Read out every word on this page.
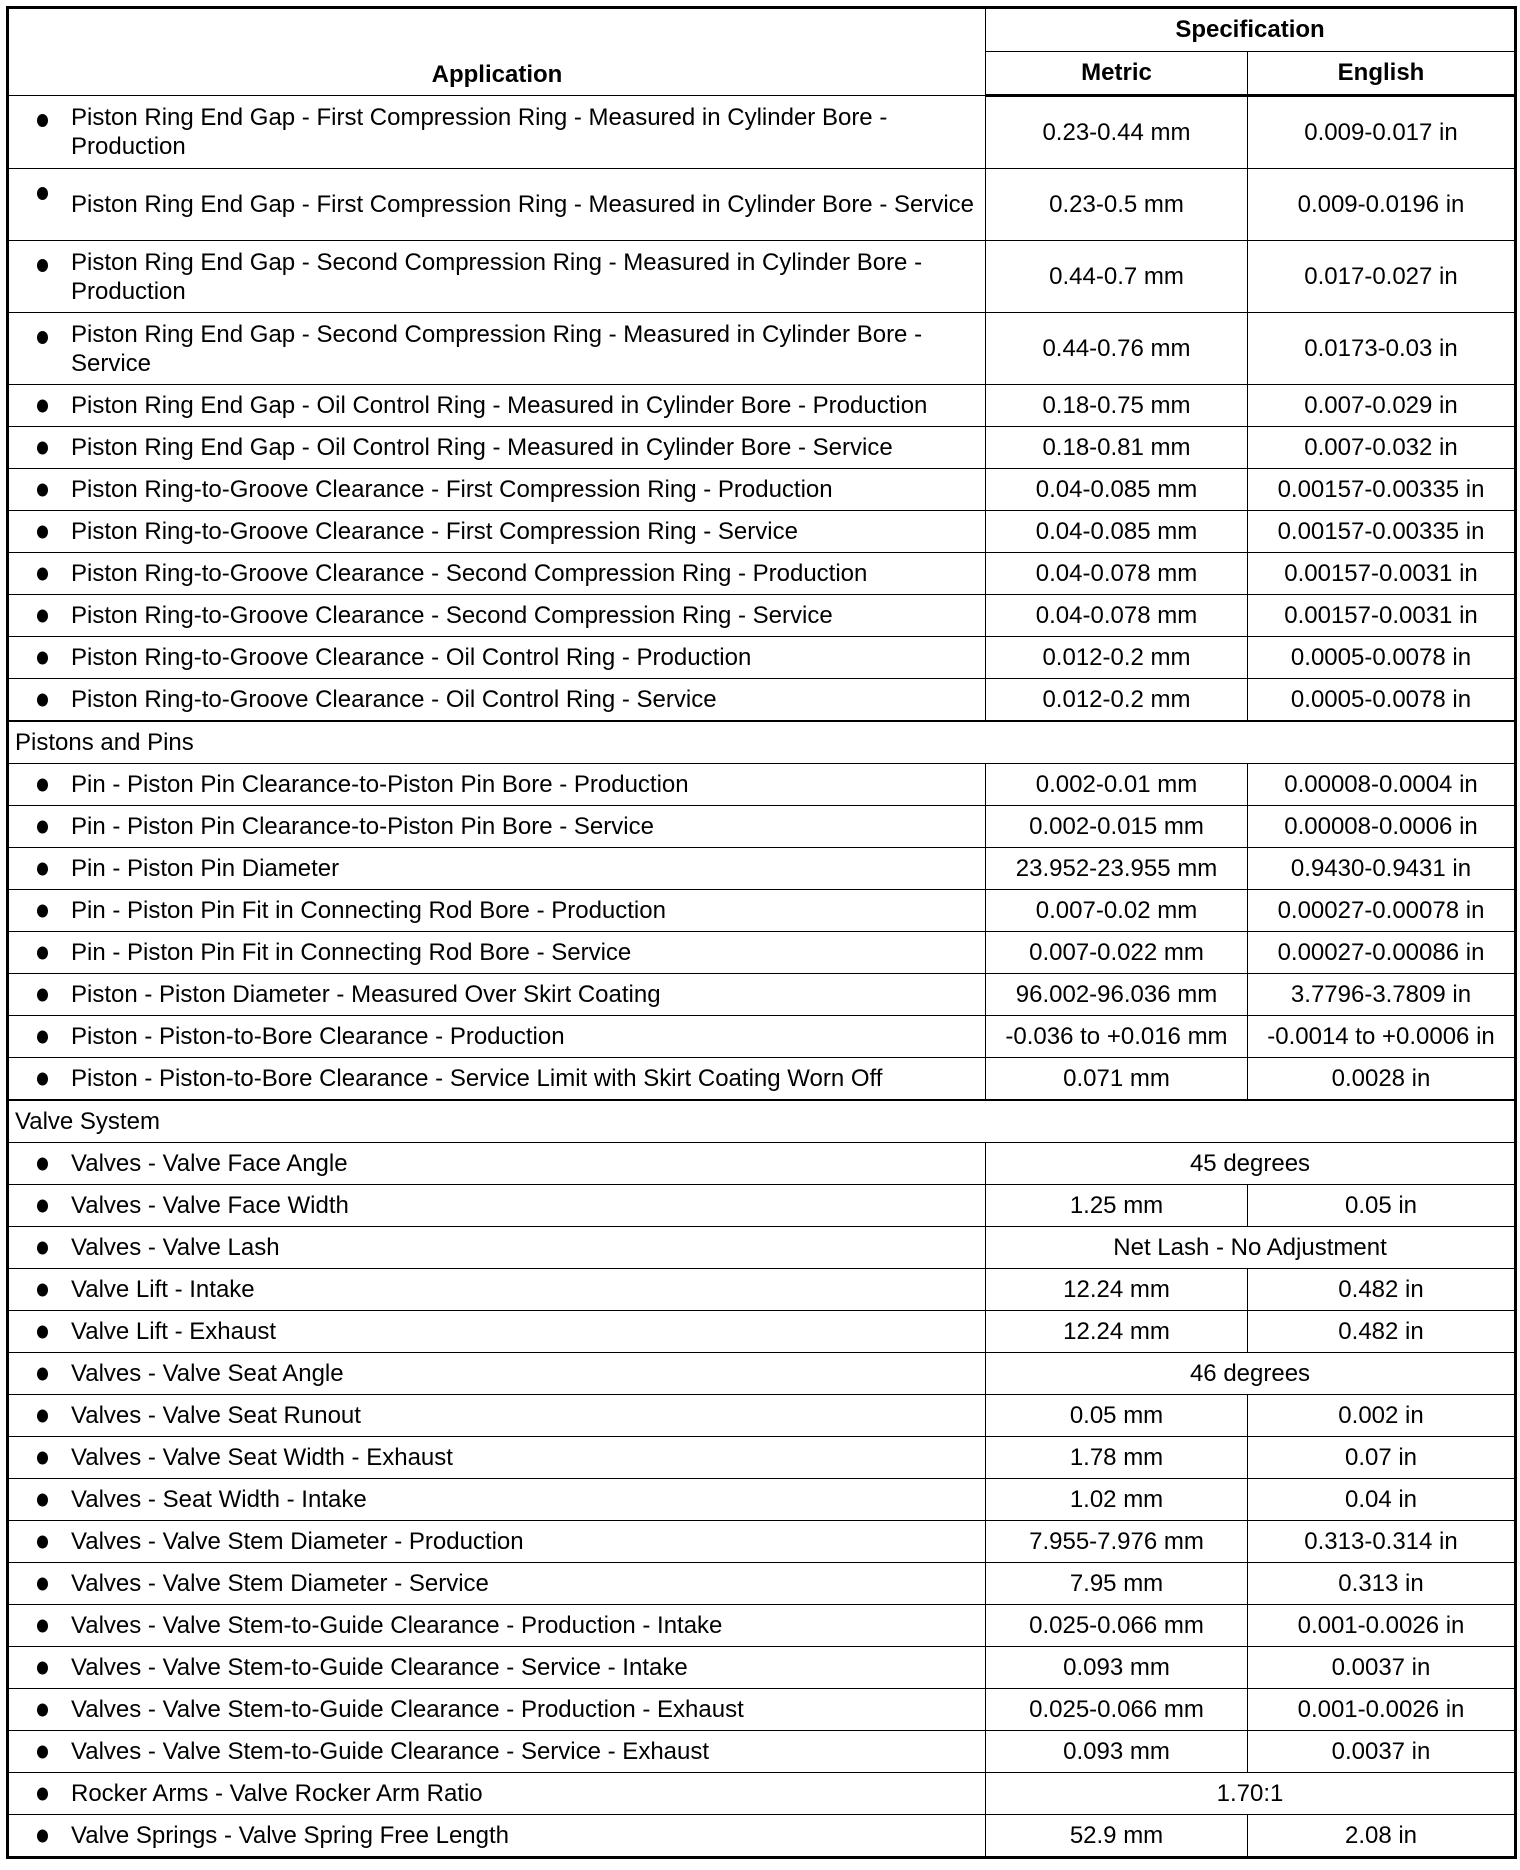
Application	Specification	
	Metric	English

Piston Ring End Gap - First Compression Ring - Measured in Cylinder Bore - Production	0.23-0.44 mm	0.009-0.017 in

Piston Ring End Gap - First Compression Ring - Measured in Cylinder Bore - Service	0.23-0.5 mm	0.009-0.0196 in

Piston Ring End Gap - Second Compression Ring - Measured in Cylinder Bore - Production	0.44-0.7 mm	0.017-0.027 in

Piston Ring End Gap - Second Compression Ring - Measured in Cylinder Bore - Service	0.44-0.76 mm	0.0173-0.03 in

Piston Ring End Gap - Oil Control Ring - Measured in Cylinder Bore - Production	0.18-0.75 mm	0.007-0.029 in

Piston Ring End Gap - Oil Control Ring - Measured in Cylinder Bore - Service	0.18-0.81 mm	0.007-0.032 in

Piston Ring-to-Groove Clearance - First Compression Ring - Production	0.04-0.085 mm	0.00157-0.00335 in

Piston Ring-to-Groove Clearance - First Compression Ring - Service	0.04-0.085 mm	0.00157-0.00335 in

Piston Ring-to-Groove Clearance - Second Compression Ring - Production	0.04-0.078 mm	0.00157-0.0031 in

Piston Ring-to-Groove Clearance - Second Compression Ring - Service	0.04-0.078 mm	0.00157-0.0031 in

Piston Ring-to-Groove Clearance - Oil Control Ring - Production	0.012-0.2 mm	0.0005-0.0078 in

Piston Ring-to-Groove Clearance - Oil Control Ring - Service	0.012-0.2 mm	0.0005-0.0078 in
Pistons and Pins		

Pin - Piston Pin Clearance-to-Piston Pin Bore - Production	0.002-0.01 mm	0.00008-0.0004 in

Pin - Piston Pin Clearance-to-Piston Pin Bore - Service	0.002-0.015 mm	0.00008-0.0006 in

Pin - Piston Pin Diameter	23.952-23.955 mm	0.9430-0.9431 in

Pin - Piston Pin Fit in Connecting Rod Bore - Production	0.007-0.02 mm	0.00027-0.00078 in

Pin - Piston Pin Fit in Connecting Rod Bore - Service	0.007-0.022 mm	0.00027-0.00086 in

Piston - Piston Diameter - Measured Over Skirt Coating	96.002-96.036 mm	3.7796-3.7809 in

Piston - Piston-to-Bore Clearance - Production	-0.036 to +0.016 mm	-0.0014 to +0.0006 in

Piston - Piston-to-Bore Clearance - Service Limit with Skirt Coating Worn Off	0.071 mm	0.0028 in
Valve System		

Valves - Valve Face Angle	45 degrees	

Valves - Valve Face Width	1.25 mm	0.05 in

Valves - Valve Lash	Net Lash - No Adjustment	

Valve Lift - Intake	12.24 mm	0.482 in

Valve Lift - Exhaust	12.24 mm	0.482 in

Valves - Valve Seat Angle	46 degrees	

Valves - Valve Seat Runout	0.05 mm	0.002 in

Valves - Valve Seat Width - Exhaust	1.78 mm	0.07 in

Valves - Seat Width - Intake	1.02 mm	0.04 in

Valves - Valve Stem Diameter - Production	7.955-7.976 mm	0.313-0.314 in

Valves - Valve Stem Diameter - Service	7.95 mm	0.313 in

Valves - Valve Stem-to-Guide Clearance - Production - Intake	0.025-0.066 mm	0.001-0.0026 in

Valves - Valve Stem-to-Guide Clearance - Service - Intake	0.093 mm	0.0037 in

Valves - Valve Stem-to-Guide Clearance - Production - Exhaust	0.025-0.066 mm	0.001-0.0026 in

Valves - Valve Stem-to-Guide Clearance - Service - Exhaust	0.093 mm	0.0037 in

Rocker Arms - Valve Rocker Arm Ratio	1.70:1	

Valve Springs - Valve Spring Free Length	52.9 mm	2.08 in
